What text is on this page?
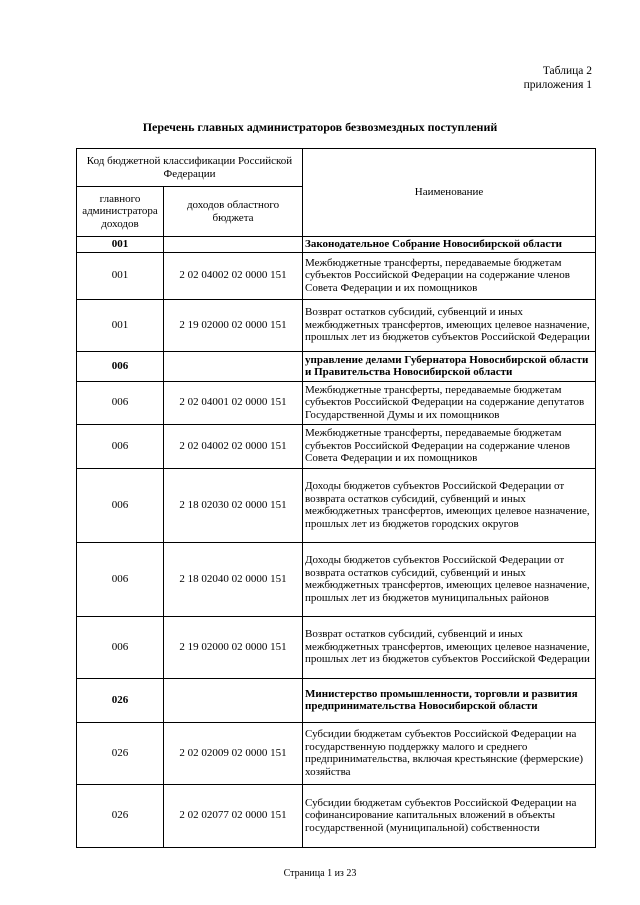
Таблица 2
приложения 1
Перечень главных администраторов безвозмездных поступлений
Код бюджетной классификации Российской Федерации		Наименование
главного администратора доходов	доходов областного бюджета	
001		Законодательное Собрание Новосибирской области
001	2 02 04002 02 0000 151	Межбюджетные трансферты, передаваемые бюджетам субъектов Российской Федерации на содержание членов Совета Федерации и их помощников
001	2 19 02000 02 0000 151	Возврат остатков субсидий, субвенций и иных межбюджетных трансфертов, имеющих целевое назначение, прошлых лет из бюджетов субъектов Российской Федерации
006		управление делами Губернатора Новосибирской области и Правительства Новосибирской области
006	2 02 04001 02 0000 151	Межбюджетные трансферты, передаваемые бюджетам субъектов Российской Федерации на содержание депутатов Государственной Думы и их помощников
006	2 02 04002 02 0000 151	Межбюджетные трансферты, передаваемые бюджетам субъектов Российской Федерации на содержание членов Совета Федерации и их помощников
006	2 18 02030 02 0000 151	Доходы бюджетов субъектов Российской Федерации от возврата остатков субсидий, субвенций и иных межбюджетных трансфертов, имеющих целевое назначение, прошлых лет из бюджетов городских округов
006	2 18 02040 02 0000 151	Доходы бюджетов субъектов Российской Федерации от возврата остатков субсидий, субвенций и иных межбюджетных трансфертов, имеющих целевое назначение, прошлых лет из бюджетов муниципальных районов
006	2 19 02000 02 0000 151	Возврат остатков субсидий, субвенций и иных межбюджетных трансфертов, имеющих целевое назначение, прошлых лет из бюджетов субъектов Российской Федерации
026		Министерство промышленности, торговли и развития предпринимательства Новосибирской области
026	2 02 02009 02 0000 151	Субсидии бюджетам субъектов Российской Федерации на государственную поддержку малого и среднего предпринимательства, включая крестьянские (фермерские) хозяйства
026	2 02 02077 02 0000 151	Субсидии бюджетам субъектов Российской Федерации на софинансирование капитальных вложений в объекты государственной (муниципальной) собственности
Страница 1 из 23
